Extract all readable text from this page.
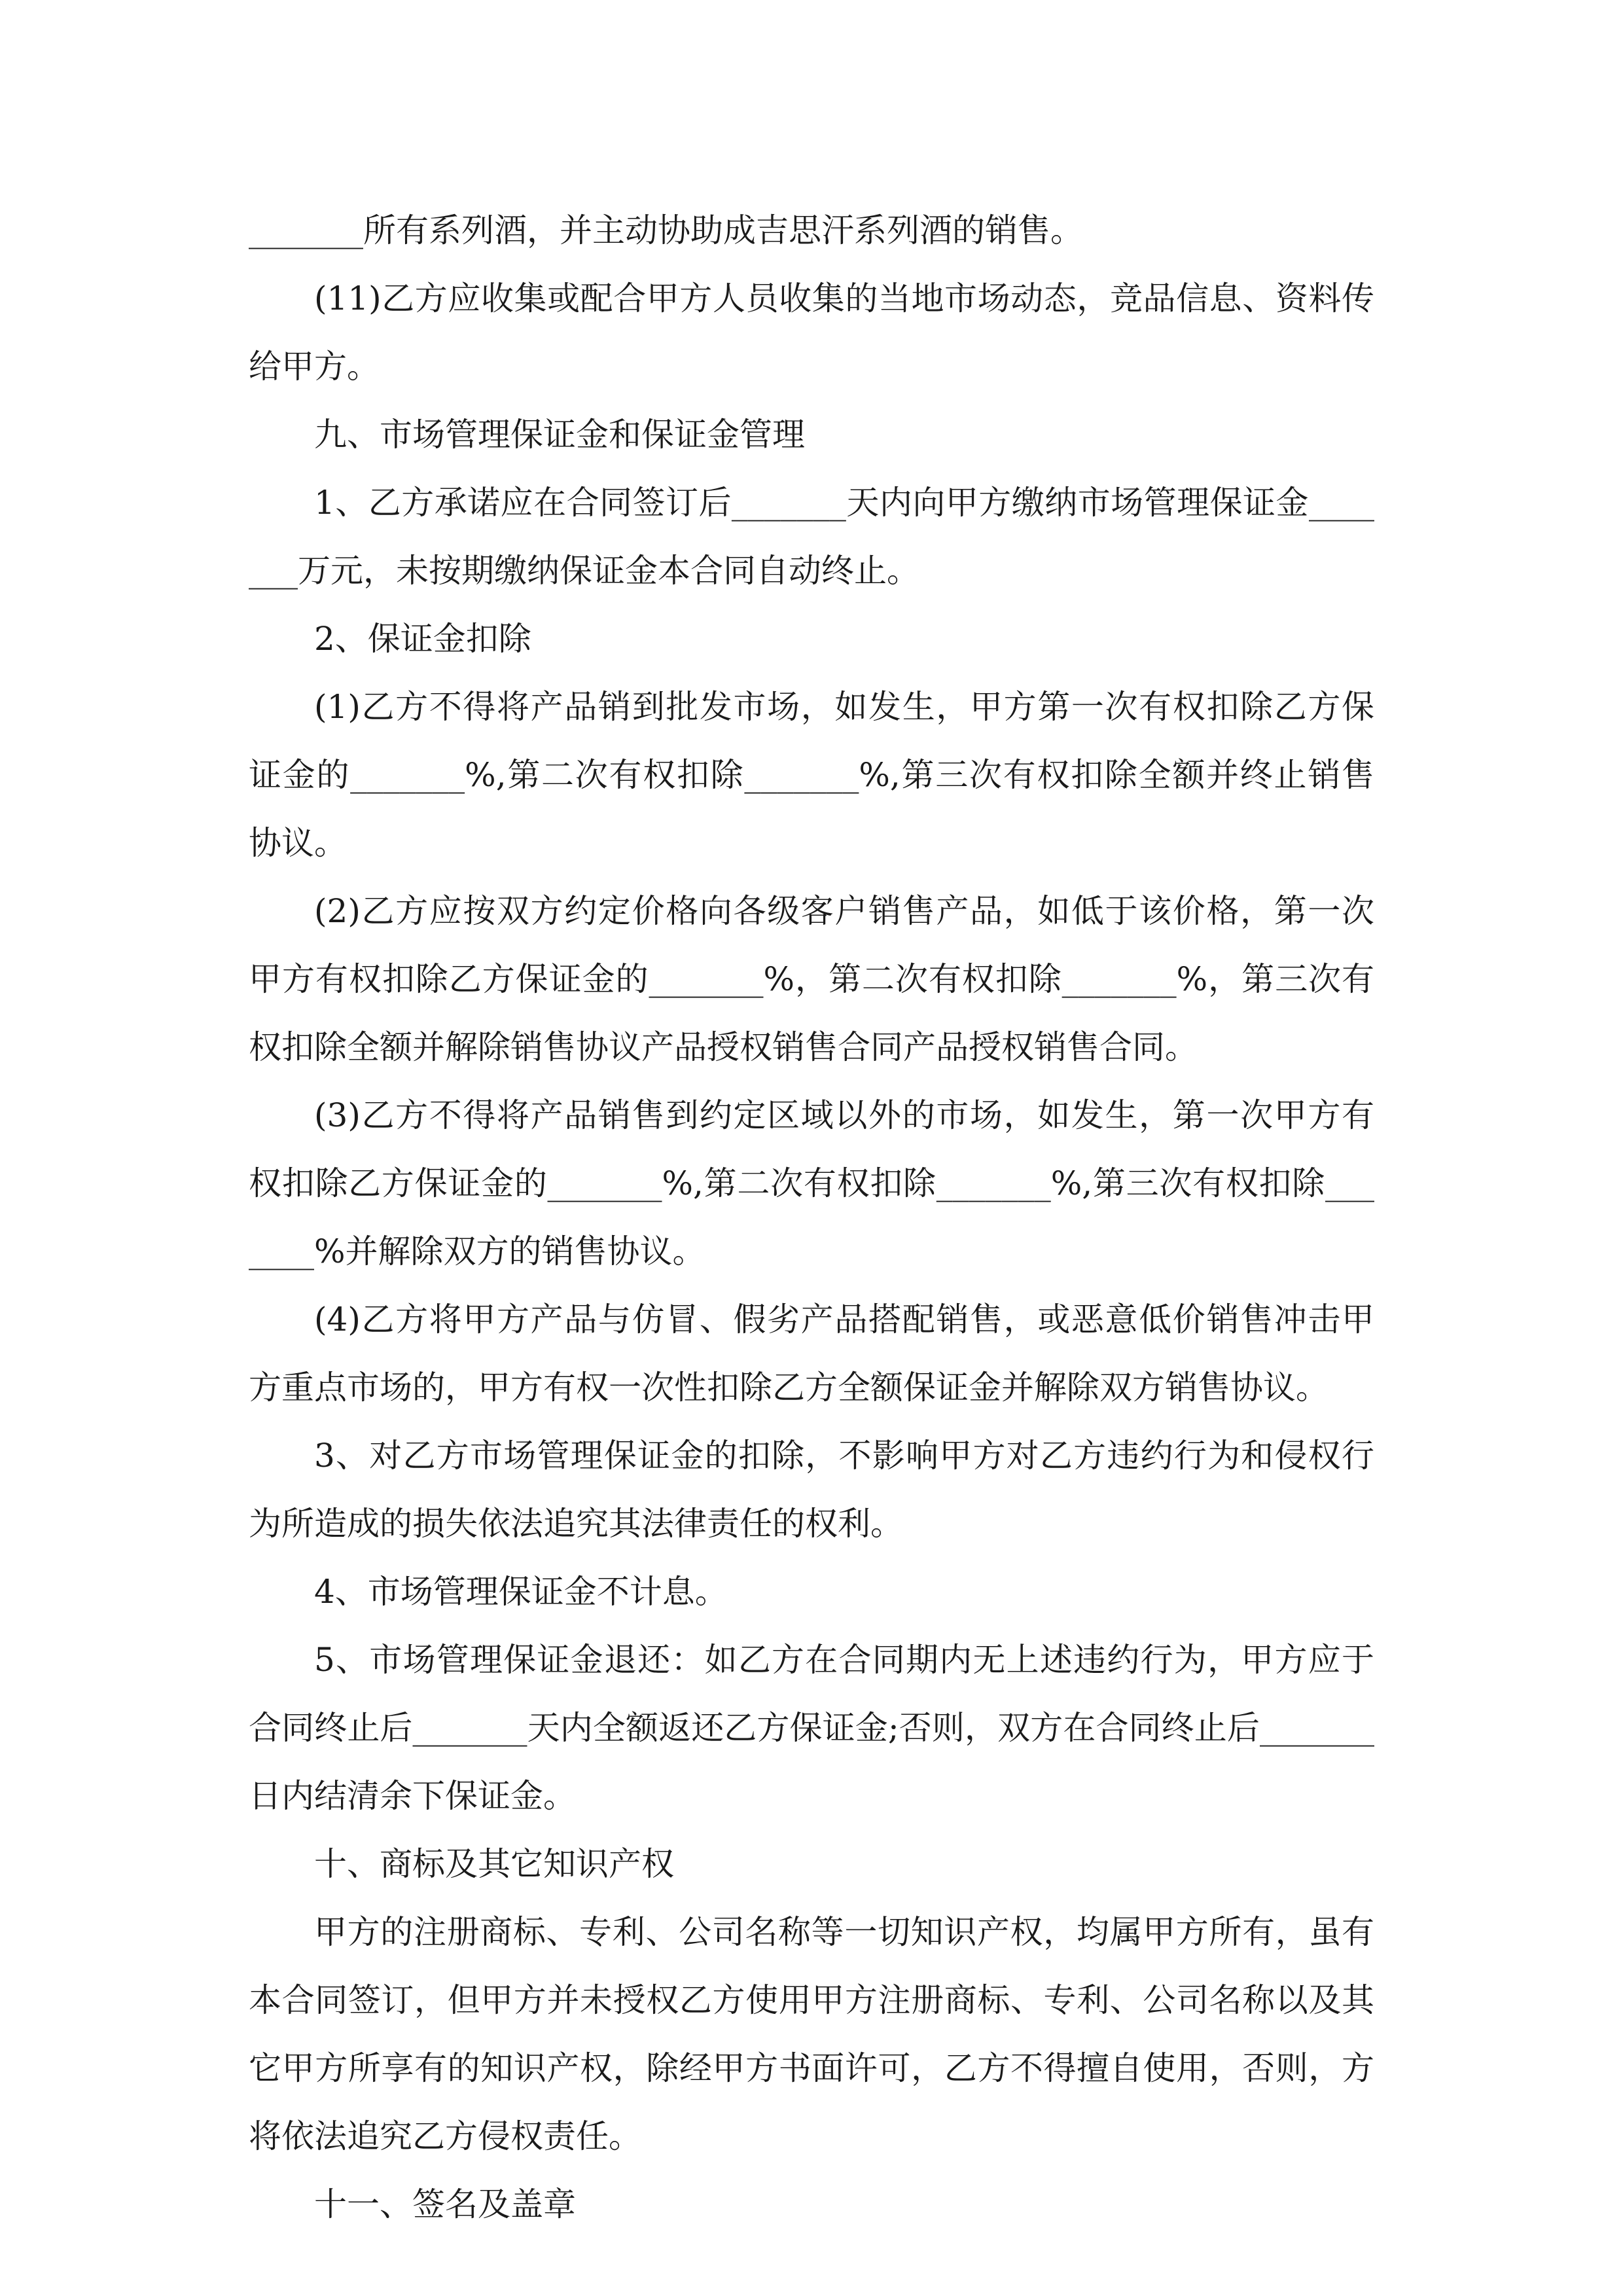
_______所有系列酒，并主动协助成吉思汗系列酒的销售。

(11)乙方应收集或配合甲方人员收集的当地市场动态，竞品信息、资料传给甲方。

九、市场管理保证金和保证金管理

1、乙方承诺应在合同签订后_______天内向甲方缴纳市场管理保证金_______万元，未按期缴纳保证金本合同自动终止。

2、保证金扣除

(1)乙方不得将产品销到批发市场，如发生，甲方第一次有权扣除乙方保证金的_______%,第二次有权扣除_______%,第三次有权扣除全额并终止销售协议。

(2)乙方应按双方约定价格向各级客户销售产品，如低于该价格，第一次甲方有权扣除乙方保证金的_______%，第二次有权扣除_______%，第三次有权扣除全额并解除销售协议产品授权销售合同产品授权销售合同。

(3)乙方不得将产品销售到约定区域以外的市场，如发生，第一次甲方有权扣除乙方保证金的_______%,第二次有权扣除_______%,第三次有权扣除_______%并解除双方的销售协议。

(4)乙方将甲方产品与仿冒、假劣产品搭配销售，或恶意低价销售冲击甲方重点市场的，甲方有权一次性扣除乙方全额保证金并解除双方销售协议。

3、对乙方市场管理保证金的扣除，不影响甲方对乙方违约行为和侵权行为所造成的损失依法追究其法律责任的权利。

4、市场管理保证金不计息。

5、市场管理保证金退还：如乙方在合同期内无上述违约行为，甲方应于合同终止后_______天内全额返还乙方保证金;否则，双方在合同终止后_______日内结清余下保证金。

十、商标及其它知识产权

甲方的注册商标、专利、公司名称等一切知识产权，均属甲方所有，虽有本合同签订，但甲方并未授权乙方使用甲方注册商标、专利、公司名称以及其它甲方所享有的知识产权，除经甲方书面许可，乙方不得擅自使用，否则，方将依法追究乙方侵权责任。

十一、签名及盖章
